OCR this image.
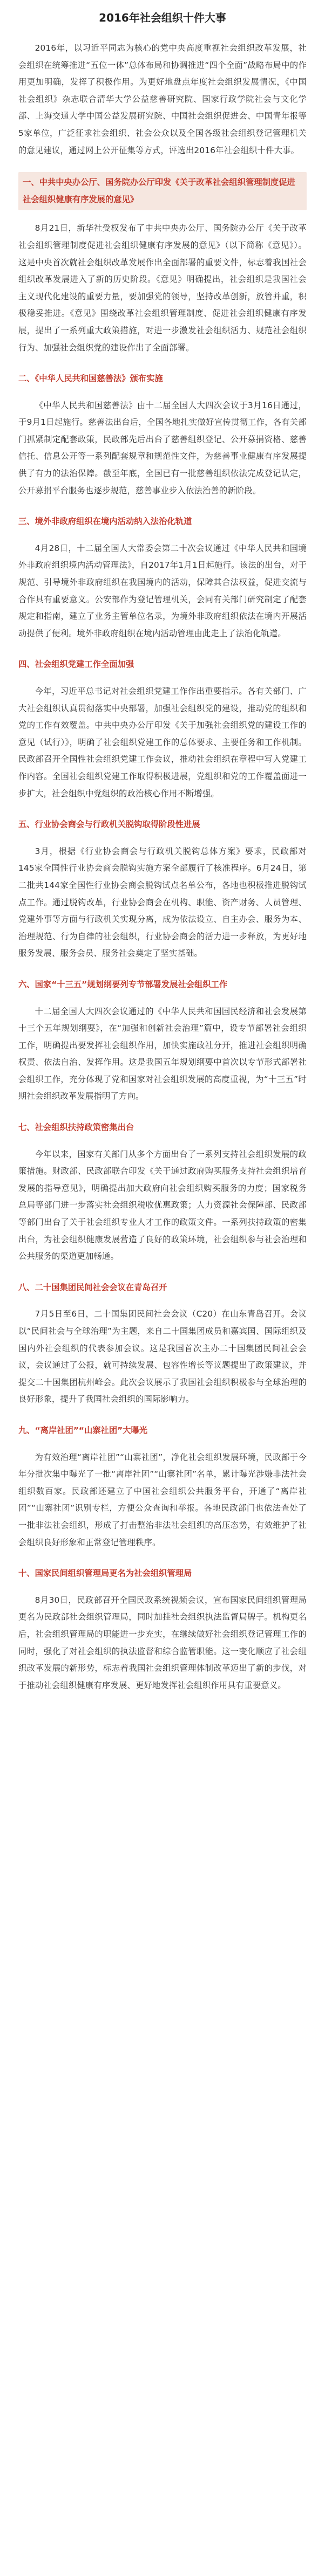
2016年社会组织十件大事

2016年，以习近平同志为核心的党中央高度重视社会组织改革发展，社会组织在统筹推进“五位一体”总体布局和协调推进“四个全面”战略布局中的作用更加明确，发挥了积极作用。为更好地盘点年度社会组织发展情况，《中国社会组织》杂志联合清华大学公益慈善研究院、国家行政学院社会与文化学部、上海交通大学中国公益发展研究院、中国社会组织促进会、中国青年报等5家单位，广泛征求社会组织、社会公众以及全国各级社会组织登记管理机关的意见建议，通过网上公开征集等方式，评选出2016年社会组织十件大事。

一、中共中央办公厅、国务院办公厅印发《关于改革社会组织管理制度促进社会组织健康有序发展的意见》

8月21日，新华社受权发布了中共中央办公厅、国务院办公厅《关于改革社会组织管理制度促进社会组织健康有序发展的意见》（以下简称《意见》）。这是中央首次就社会组织改革发展作出全面部署的重要文件，标志着我国社会组织改革发展进入了新的历史阶段。《意见》明确提出，社会组织是我国社会主义现代化建设的重要力量，要加强党的领导，坚持改革创新，放管并重，积极稳妥推进。《意见》围绕改革社会组织管理制度、促进社会组织健康有序发展，提出了一系列重大政策措施，对进一步激发社会组织活力、规范社会组织行为、加强社会组织党的建设作出了全面部署。

二、《中华人民共和国慈善法》颁布实施

《中华人民共和国慈善法》由十二届全国人大四次会议于3月16日通过，于9月1日起施行。慈善法出台后，全国各地扎实做好宣传贯彻工作，各有关部门抓紧制定配套政策，民政部先后出台了慈善组织登记、公开募捐资格、慈善信托、信息公开等一系列配套规章和规范性文件，为慈善事业健康有序发展提供了有力的法治保障。截至年底，全国已有一批慈善组织依法完成登记认定，公开募捐平台服务也逐步规范，慈善事业步入依法治善的新阶段。

三、境外非政府组织在境内活动纳入法治化轨道

4月28日，十二届全国人大常委会第二十次会议通过《中华人民共和国境外非政府组织境内活动管理法》，自2017年1月1日起施行。该法的出台，对于规范、引导境外非政府组织在我国境内的活动，保障其合法权益，促进交流与合作具有重要意义。公安部作为登记管理机关，会同有关部门研究制定了配套规定和指南，建立了业务主管单位名录，为境外非政府组织依法在境内开展活动提供了便利。境外非政府组织在境内活动管理由此走上了法治化轨道。

四、社会组织党建工作全面加强

今年，习近平总书记对社会组织党建工作作出重要指示。各有关部门、广大社会组织认真贯彻落实中央部署，加强社会组织党的建设，推动党的组织和党的工作有效覆盖。中共中央办公厅印发《关于加强社会组织党的建设工作的意见（试行）》，明确了社会组织党建工作的总体要求、主要任务和工作机制。民政部召开全国性社会组织党建工作会议，推动社会组织在章程中写入党建工作内容。全国社会组织党建工作取得积极进展，党组织和党的工作覆盖面进一步扩大，社会组织中党组织的政治核心作用不断增强。

五、行业协会商会与行政机关脱钩取得阶段性进展

3月，根据《行业协会商会与行政机关脱钩总体方案》要求，民政部对145家全国性行业协会商会脱钩实施方案全部履行了核准程序。6月24日，第二批共144家全国性行业协会商会脱钩试点名单公布，各地也积极推进脱钩试点工作。通过脱钩改革，行业协会商会在机构、职能、资产财务、人员管理、党建外事等方面与行政机关实现分离，成为依法设立、自主办会、服务为本、治理规范、行为自律的社会组织，行业协会商会的活力进一步释放，为更好地服务发展、服务会员、服务社会奠定了坚实基础。

六、国家“十三五”规划纲要列专节部署发展社会组织工作

十二届全国人大四次会议通过的《中华人民共和国国民经济和社会发展第十三个五年规划纲要》，在“加强和创新社会治理”篇中，设专节部署社会组织工作，明确提出要发挥社会组织作用，加快实施政社分开，推进社会组织明确权责、依法自治、发挥作用。这是我国五年规划纲要中首次以专节形式部署社会组织工作，充分体现了党和国家对社会组织发展的高度重视，为“十三五”时期社会组织改革发展指明了方向。

七、社会组织扶持政策密集出台

今年以来，国家有关部门从多个方面出台了一系列支持社会组织发展的政策措施。财政部、民政部联合印发《关于通过政府购买服务支持社会组织培育发展的指导意见》，明确提出加大政府向社会组织购买服务的力度；国家税务总局等部门进一步落实社会组织税收优惠政策；人力资源社会保障部、民政部等部门出台了关于社会组织专业人才工作的政策文件。一系列扶持政策的密集出台，为社会组织健康发展营造了良好的政策环境，社会组织参与社会治理和公共服务的渠道更加畅通。

八、二十国集团民间社会会议在青岛召开

7月5日至6日，二十国集团民间社会会议（C20）在山东青岛召开。会议以“民间社会与全球治理”为主题，来自二十国集团成员和嘉宾国、国际组织及国内外社会组织的代表参加会议。这是我国首次主办二十国集团民间社会会议，会议通过了公报，就可持续发展、包容性增长等议题提出了政策建议，并提交二十国集团杭州峰会。此次会议展示了我国社会组织积极参与全球治理的良好形象，提升了我国社会组织的国际影响力。

九、“离岸社团”“山寨社团”大曝光

为有效治理“离岸社团”“山寨社团”，净化社会组织发展环境，民政部于今年分批次集中曝光了一批“离岸社团”“山寨社团”名单，累计曝光涉嫌非法社会组织数百家。民政部还建立了中国社会组织公共服务平台，开通了“离岸社团”“山寨社团”识别专栏，方便公众查询和举报。各地民政部门也依法查处了一批非法社会组织，形成了打击整治非法社会组织的高压态势，有效维护了社会组织良好形象和正常登记管理秩序。

十、国家民间组织管理局更名为社会组织管理局

8月30日，民政部召开全国民政系统视频会议，宣布国家民间组织管理局更名为民政部社会组织管理局，同时加挂社会组织执法监督局牌子。机构更名后，社会组织管理局的职能进一步充实，在继续做好社会组织登记管理工作的同时，强化了对社会组织的执法监督和综合监管职能。这一变化顺应了社会组织改革发展的新形势，标志着我国社会组织管理体制改革迈出了新的步伐，对于推动社会组织健康有序发展、更好地发挥社会组织作用具有重要意义。
